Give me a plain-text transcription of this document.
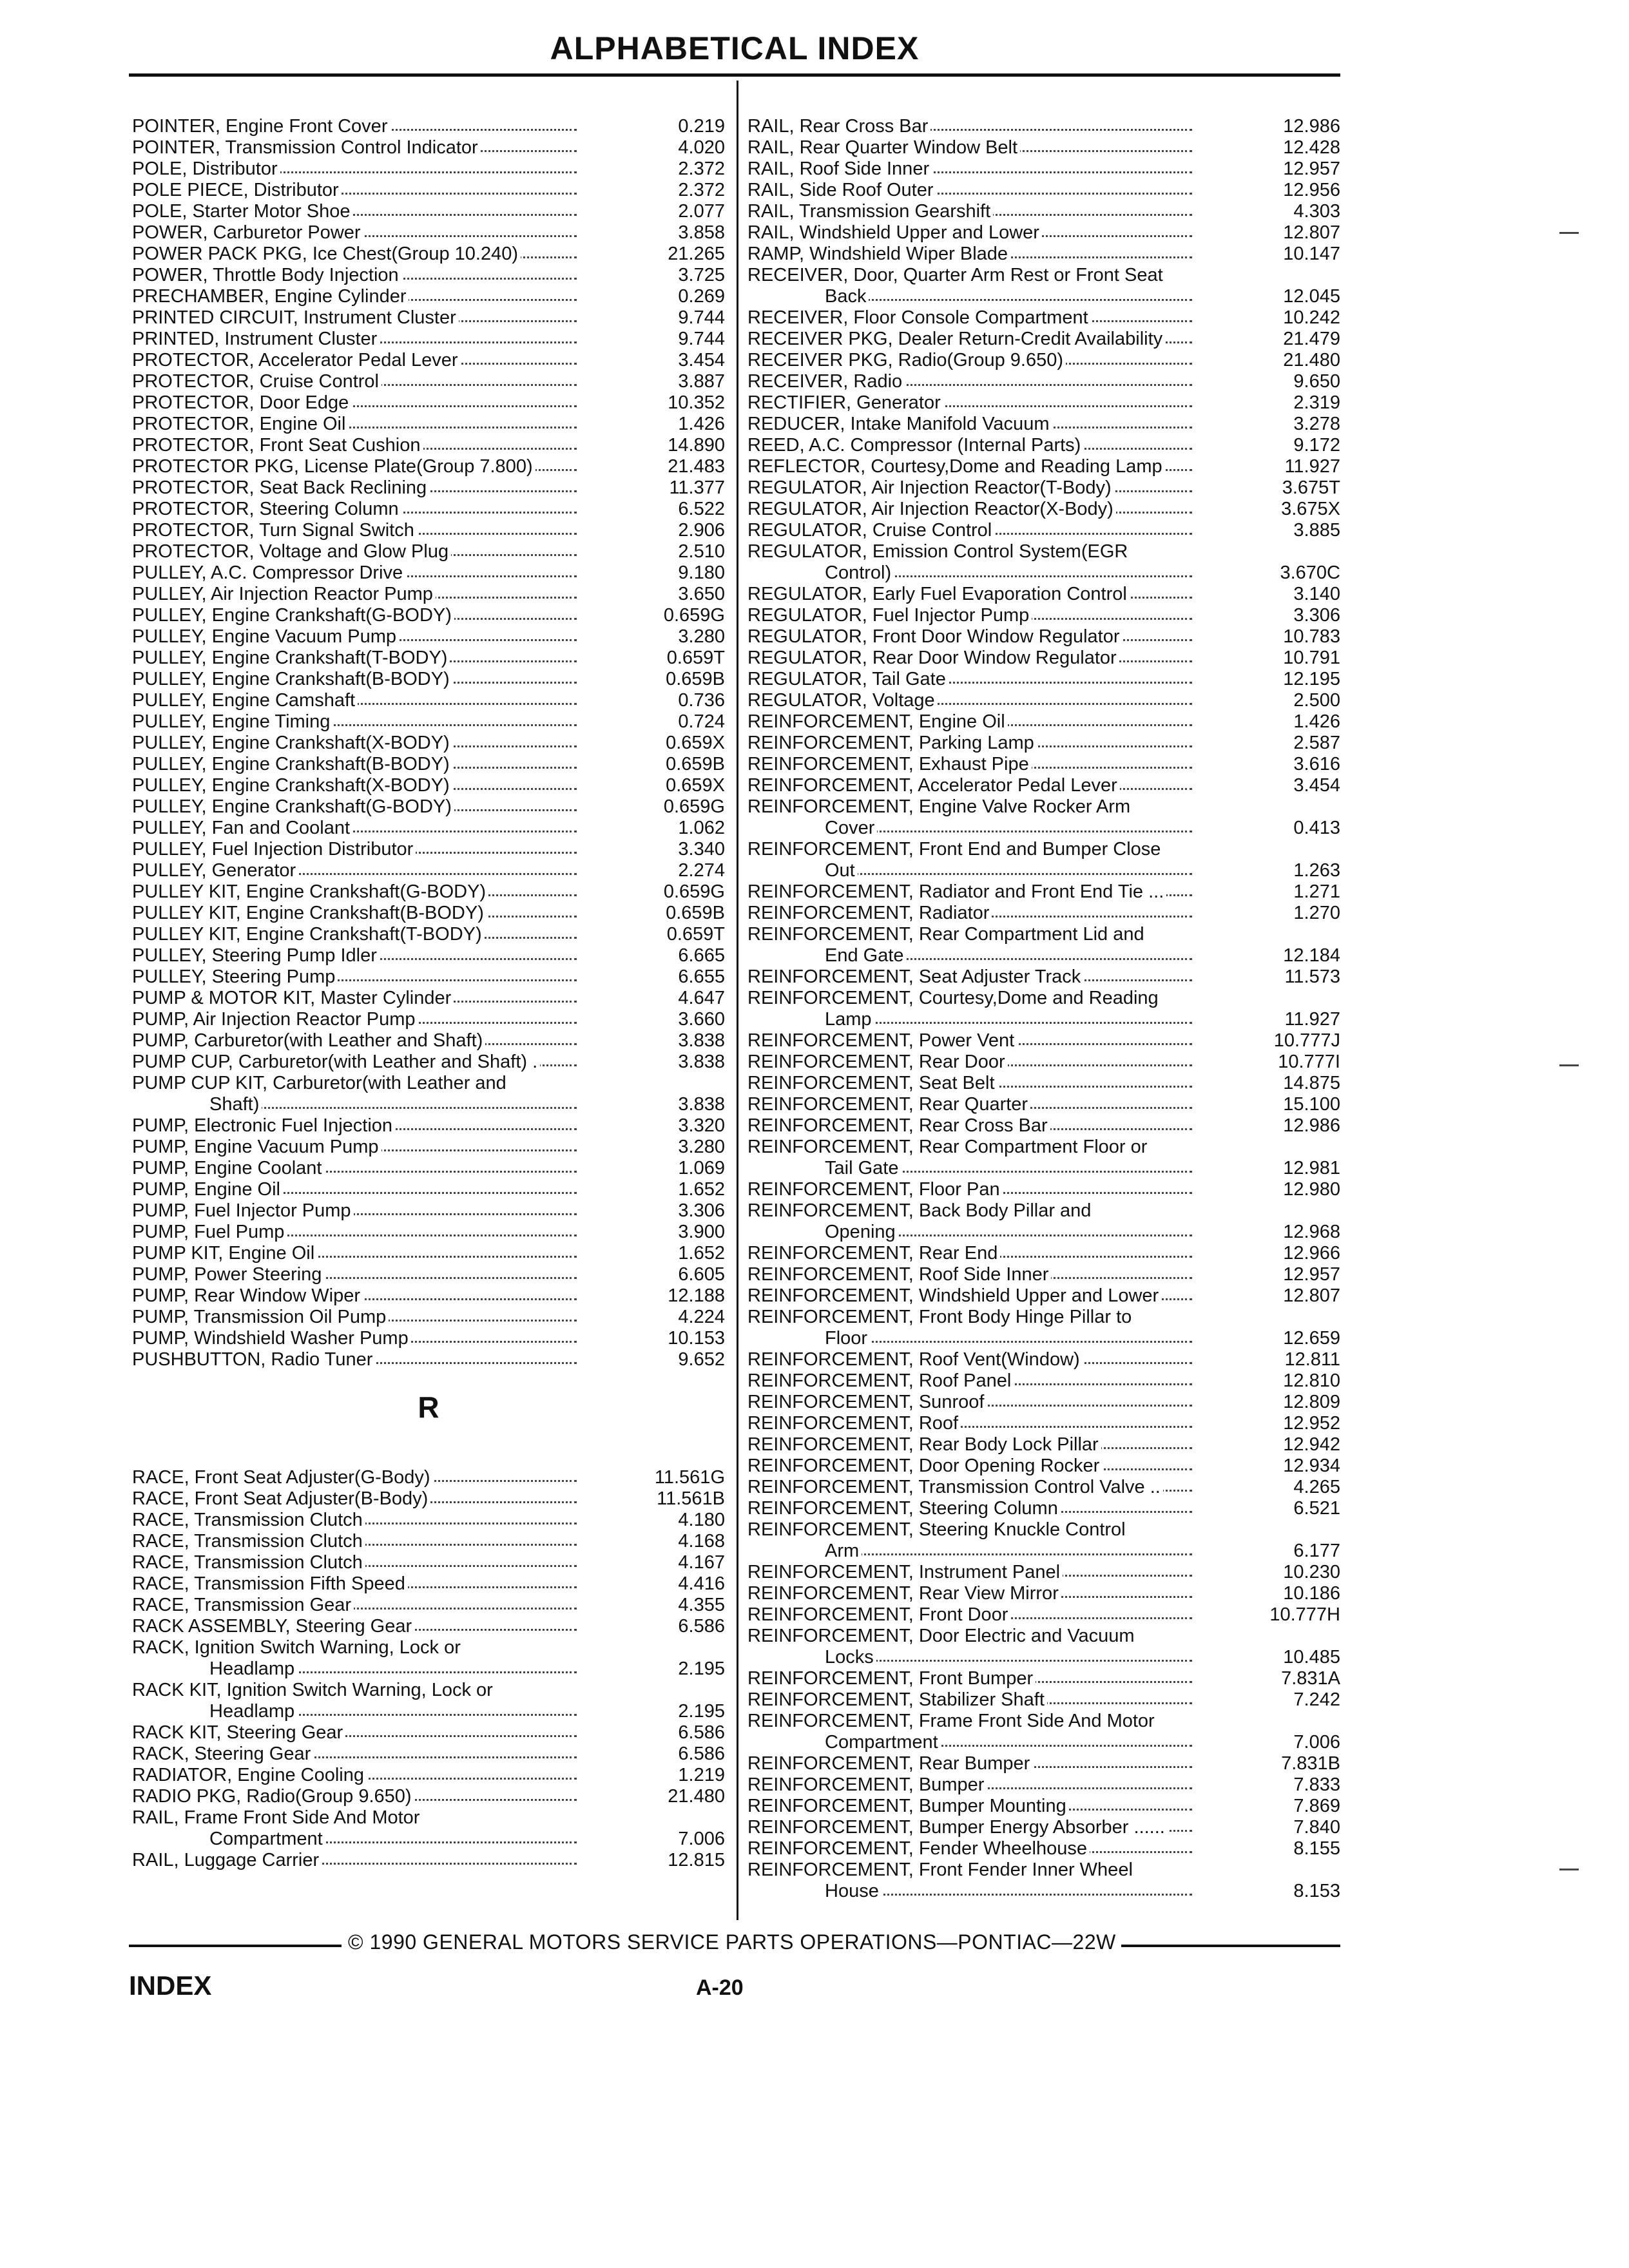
ALPHABETICAL INDEX
POINTER, Engine Front Cover	0.219
POINTER, Transmission Control Indicator	4.020
POLE, Distributor	2.372
POLE PIECE, Distributor	2.372
POLE, Starter Motor Shoe	2.077
POWER, Carburetor Power	3.858
POWER PACK PKG, Ice Chest(Group 10.240)	21.265
POWER, Throttle Body Injection	3.725
PRECHAMBER, Engine Cylinder	0.269
PRINTED CIRCUIT, Instrument Cluster	9.744
PRINTED, Instrument Cluster	9.744
PROTECTOR, Accelerator Pedal Lever	3.454
PROTECTOR, Cruise Control	3.887
PROTECTOR, Door Edge	10.352
PROTECTOR, Engine Oil	1.426
PROTECTOR, Front Seat Cushion	14.890
PROTECTOR PKG, License Plate(Group 7.800)	21.483
PROTECTOR, Seat Back Reclining	11.377
PROTECTOR, Steering Column	6.522
PROTECTOR, Turn Signal Switch	2.906
PROTECTOR, Voltage and Glow Plug	2.510
PULLEY, A.C. Compressor Drive	9.180
PULLEY, Air Injection Reactor Pump	3.650
PULLEY, Engine Crankshaft(G-BODY)	0.659G
PULLEY, Engine Vacuum Pump	3.280
PULLEY, Engine Crankshaft(T-BODY)	0.659T
PULLEY, Engine Crankshaft(B-BODY)	0.659B
PULLEY, Engine Camshaft	0.736
PULLEY, Engine Timing	0.724
PULLEY, Engine Crankshaft(X-BODY)	0.659X
PULLEY, Engine Crankshaft(B-BODY)	0.659B
PULLEY, Engine Crankshaft(X-BODY)	0.659X
PULLEY, Engine Crankshaft(G-BODY)	0.659G
PULLEY, Fan and Coolant	1.062
PULLEY, Fuel Injection Distributor	3.340
PULLEY, Generator	2.274
PULLEY KIT, Engine Crankshaft(G-BODY)	0.659G
PULLEY KIT, Engine Crankshaft(B-BODY)	0.659B
PULLEY KIT, Engine Crankshaft(T-BODY)	0.659T
PULLEY, Steering Pump Idler	6.665
PULLEY, Steering Pump	6.655
PUMP & MOTOR KIT, Master Cylinder	4.647
PUMP, Air Injection Reactor Pump	3.660
PUMP, Carburetor(with Leather and Shaft)	3.838
PUMP CUP, Carburetor(with Leather and Shaft) .	3.838
PUMP CUP KIT, Carburetor(with Leather and
Shaft)	3.838
PUMP, Electronic Fuel Injection	3.320
PUMP, Engine Vacuum Pump	3.280
PUMP, Engine Coolant	1.069
PUMP, Engine Oil	1.652
PUMP, Fuel Injector Pump	3.306
PUMP, Fuel Pump	3.900
PUMP KIT, Engine Oil	1.652
PUMP, Power Steering	6.605
PUMP, Rear Window Wiper	12.188
PUMP, Transmission Oil Pump	4.224
PUMP, Windshield Washer Pump	10.153
PUSHBUTTON, Radio Tuner	9.652
R
RACE, Front Seat Adjuster(G-Body)	11.561G
RACE, Front Seat Adjuster(B-Body)	11.561B
RACE, Transmission Clutch	4.180
RACE, Transmission Clutch	4.168
RACE, Transmission Clutch	4.167
RACE, Transmission Fifth Speed	4.416
RACE, Transmission Gear	4.355
RACK ASSEMBLY, Steering Gear	6.586
RACK, Ignition Switch Warning, Lock or
Headlamp	2.195
RACK KIT, Ignition Switch Warning, Lock or
Headlamp	2.195
RACK KIT, Steering Gear	6.586
RACK, Steering Gear	6.586
RADIATOR, Engine Cooling	1.219
RADIO PKG, Radio(Group 9.650)	21.480
RAIL, Frame Front Side And Motor
Compartment	7.006
RAIL, Luggage Carrier	12.815
RAIL, Rear Cross Bar	12.986
RAIL, Rear Quarter Window Belt	12.428
RAIL, Roof Side Inner	12.957
RAIL, Side Roof Outer	12.956
RAIL, Transmission Gearshift	4.303
RAIL, Windshield Upper and Lower	12.807
RAMP, Windshield Wiper Blade	10.147
RECEIVER, Door, Quarter Arm Rest or Front Seat
Back	12.045
RECEIVER, Floor Console Compartment	10.242
RECEIVER PKG, Dealer Return-Credit Availability	21.479
RECEIVER PKG, Radio(Group 9.650)	21.480
RECEIVER, Radio	9.650
RECTIFIER, Generator	2.319
REDUCER, Intake Manifold Vacuum	3.278
REED, A.C. Compressor (Internal Parts)	9.172
REFLECTOR, Courtesy,Dome and Reading Lamp	11.927
REGULATOR, Air Injection Reactor(T-Body)	3.675T
REGULATOR, Air Injection Reactor(X-Body)	3.675X
REGULATOR, Cruise Control	3.885
REGULATOR, Emission Control System(EGR
Control)	3.670C
REGULATOR, Early Fuel Evaporation Control	3.140
REGULATOR, Fuel Injector Pump	3.306
REGULATOR, Front Door Window Regulator	10.783
REGULATOR, Rear Door Window Regulator	10.791
REGULATOR, Tail Gate	12.195
REGULATOR, Voltage	2.500
REINFORCEMENT, Engine Oil	1.426
REINFORCEMENT, Parking Lamp	2.587
REINFORCEMENT, Exhaust Pipe	3.616
REINFORCEMENT, Accelerator Pedal Lever	3.454
REINFORCEMENT, Engine Valve Rocker Arm
Cover	0.413
REINFORCEMENT, Front End and Bumper Close
Out	1.263
REINFORCEMENT, Radiator and Front End Tie ...	1.271
REINFORCEMENT, Radiator	1.270
REINFORCEMENT, Rear Compartment Lid and
End Gate	12.184
REINFORCEMENT, Seat Adjuster Track	11.573
REINFORCEMENT, Courtesy,Dome and Reading
Lamp	11.927
REINFORCEMENT, Power Vent	10.777J
REINFORCEMENT, Rear Door	10.777I
REINFORCEMENT, Seat Belt	14.875
REINFORCEMENT, Rear Quarter	15.100
REINFORCEMENT, Rear Cross Bar	12.986
REINFORCEMENT, Rear Compartment Floor or
Tail Gate	12.981
REINFORCEMENT, Floor Pan	12.980
REINFORCEMENT, Back Body Pillar and
Opening	12.968
REINFORCEMENT, Rear End	12.966
REINFORCEMENT, Roof Side Inner	12.957
REINFORCEMENT, Windshield Upper and Lower	12.807
REINFORCEMENT, Front Body Hinge Pillar to
Floor	12.659
REINFORCEMENT, Roof Vent(Window)	12.811
REINFORCEMENT, Roof Panel	12.810
REINFORCEMENT, Sunroof	12.809
REINFORCEMENT, Roof	12.952
REINFORCEMENT, Rear Body Lock Pillar	12.942
REINFORCEMENT, Door Opening Rocker	12.934
REINFORCEMENT, Transmission Control Valve ..	4.265
REINFORCEMENT, Steering Column	6.521
REINFORCEMENT, Steering Knuckle Control
Arm	6.177
REINFORCEMENT, Instrument Panel	10.230
REINFORCEMENT, Rear View Mirror	10.186
REINFORCEMENT, Front Door	10.777H
REINFORCEMENT, Door Electric and Vacuum
Locks	10.485
REINFORCEMENT, Front Bumper	7.831A
REINFORCEMENT, Stabilizer Shaft	7.242
REINFORCEMENT, Frame Front Side And Motor
Compartment	7.006
REINFORCEMENT, Rear Bumper	7.831B
REINFORCEMENT, Bumper	7.833
REINFORCEMENT, Bumper Mounting	7.869
REINFORCEMENT, Bumper Energy Absorber ......	7.840
REINFORCEMENT, Fender Wheelhouse	8.155
REINFORCEMENT, Front Fender Inner Wheel
House	8.153
© 1990 GENERAL MOTORS SERVICE PARTS OPERATIONS—PONTIAC—22W
INDEX	A-20
